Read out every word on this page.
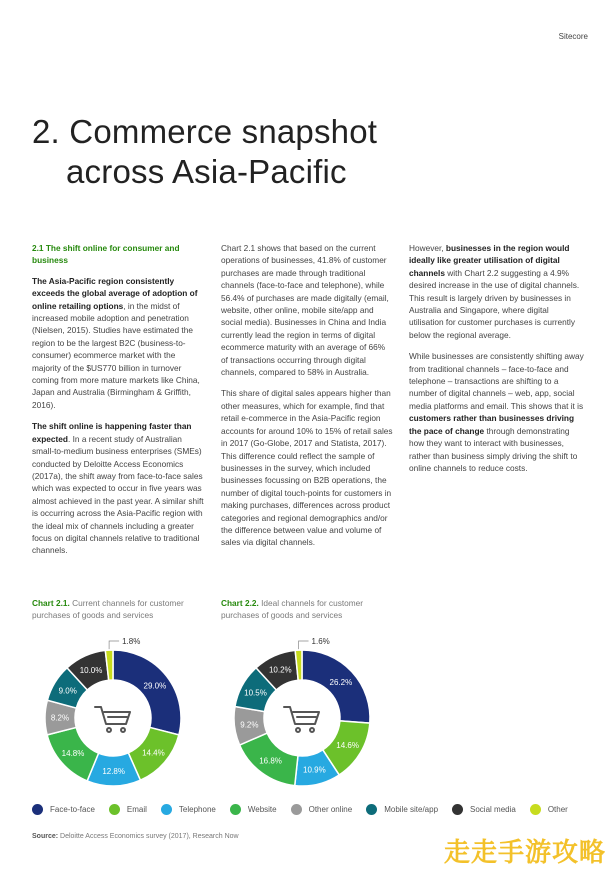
Sitecore
2. Commerce snapshot
across Asia-Pacific
2.1 The shift online for consumer and business

The Asia-Pacific region consistently exceeds the global average of adoption of online retailing options, in the midst of increased mobile adoption and penetration (Nielsen, 2015). Studies have estimated the region to be the largest B2C (business-to-consumer) ecommerce market with the majority of the $US770 billion in turnover coming from more mature markets like China, Japan and Australia (Birmingham & Griffith, 2016).

The shift online is happening faster than expected. In a recent study of Australian small-to-medium business enterprises (SMEs) conducted by Deloitte Access Economics (2017a), the shift away from face-to-face sales which was expected to occur in five years was almost achieved in the past year. A similar shift is occurring across the Asia-Pacific region with the ideal mix of channels including a greater focus on digital channels relative to traditional channels.

Chart 2.1 shows that based on the current operations of businesses, 41.8% of customer purchases are made through traditional channels (face-to-face and telephone), while 56.4% of purchases are made digitally (email, website, other online, mobile site/app and social media). Businesses in China and India currently lead the region in terms of digital ecommerce maturity with an average of 66% of transactions occurring through digital channels, compared to 58% in Australia.

This share of digital sales appears higher than other measures, which for example, find that retail e-commerce in the Asia-Pacific region accounts for around 10% to 15% of retail sales in 2017 (Go-Globe, 2017 and Statista, 2017). This difference could reflect the sample of businesses in the survey, which included businesses focussing on B2B operations, the number of digital touch-points for customers in making purchases, differences across product categories and regional demographics and/or the difference between value and volume of sales via digital channels.

However, businesses in the region would ideally like greater utilisation of digital channels with Chart 2.2 suggesting a 4.9% desired increase in the use of digital channels. This result is largely driven by businesses in Australia and Singapore, where digital utilisation for customer purchases is currently below the regional average.

While businesses are consistently shifting away from traditional channels – face-to-face and telephone – transactions are shifting to a number of digital channels – web, app, social media platforms and email. This shows that it is customers rather than businesses driving the pace of change through demonstrating how they want to interact with businesses, rather than business simply driving the shift to online channels to reduce costs.

Chart 2.1. Current channels for customer purchases of goods and services
29.0%
14.4%
12.8%
14.8%
8.2%
9.0%
10.0%
1.8%
Chart 2.2. Ideal channels for customer purchases of goods and services
26.2%
14.6%
10.9%
16.8%
9.2%
10.5%
10.2%
1.6%
Face-to-face	Email	Telephone	Website	Other online	Mobile site/app	Social media	Other
Source: Deloitte Access Economics survey (2017), Research Now
走走手游攻略
